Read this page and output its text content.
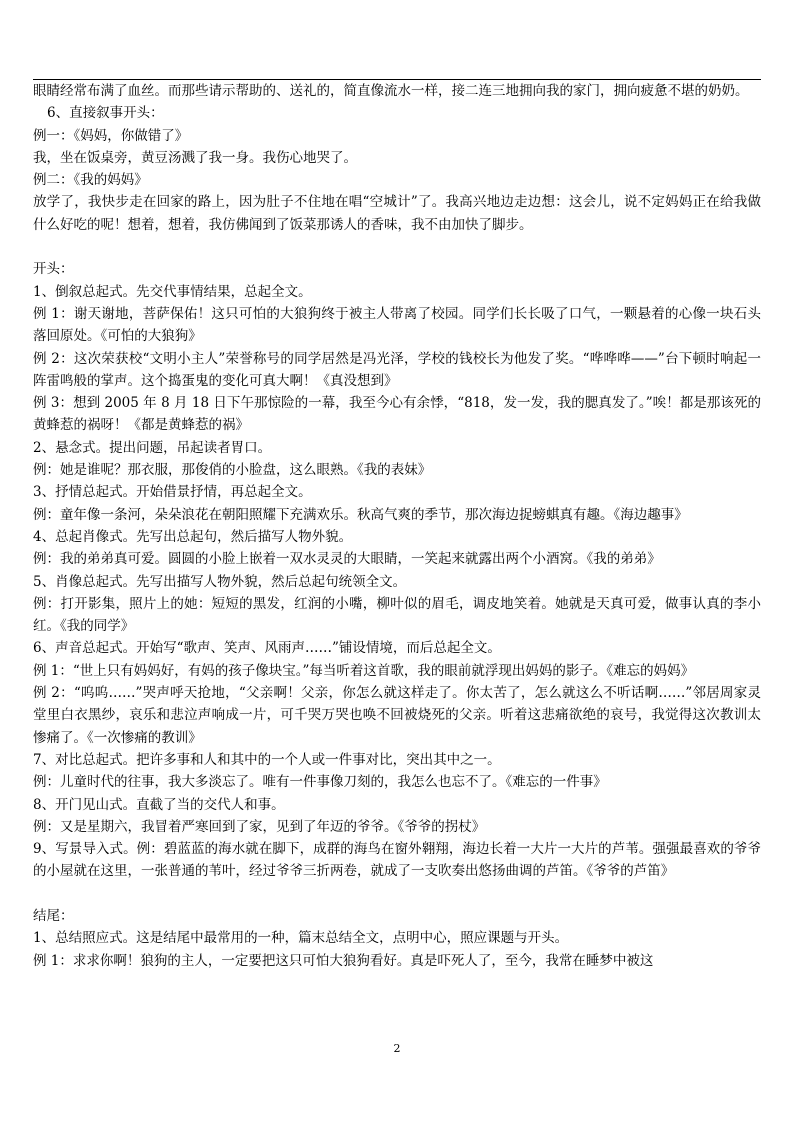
眼睛经常布满了血丝。而那些请示帮助的、送礼的，简直像流水一样，接二连三地拥向我的家门，拥向疲惫不堪的奶奶。

6、直接叙事开头：

例一：《妈妈，你做错了》

我，坐在饭桌旁，黄豆汤溅了我一身。我伤心地哭了。

例二：《我的妈妈》

放学了，我快步走在回家的路上，因为肚子不住地在唱“空城计”了。我高兴地边走边想：这会儿，说不定妈妈正在给我做什么好吃的呢！想着，想着，我仿佛闻到了饭菜那诱人的香味，我不由加快了脚步。

开头：

1、倒叙总起式。先交代事情结果，总起全文。

例 1：谢天谢地，菩萨保佑！这只可怕的大狼狗终于被主人带离了校园。同学们长长吸了口气，一颗悬着的心像一块石头落回原处。《可怕的大狼狗》

例 2：这次荣获校“文明小主人”荣誉称号的同学居然是冯光泽，学校的钱校长为他发了奖。“哗哗哗——”台下顿时响起一阵雷鸣般的掌声。这个捣蛋鬼的变化可真大啊！《真没想到》

例 3：想到 2005 年 8 月 18 日下午那惊险的一幕，我至今心有余悸，“818，发一发，我的腮真发了。”唉！都是那该死的黄蜂惹的祸呀！《都是黄蜂惹的祸》

2、悬念式。提出问题，吊起读者胃口。

例：她是谁呢？那衣服，那俊俏的小脸盘，这么眼熟。《我的表妹》

3、抒情总起式。开始借景抒情，再总起全文。

例：童年像一条河，朵朵浪花在朝阳照耀下充满欢乐。秋高气爽的季节，那次海边捉螃蜞真有趣。《海边趣事》

4、总起肖像式。先写出总起句，然后描写人物外貌。

例：我的弟弟真可爱。圆圆的小脸上嵌着一双水灵灵的大眼睛，一笑起来就露出两个小酒窝。《我的弟弟》

5、肖像总起式。先写出描写人物外貌，然后总起句统领全文。

例：打开影集，照片上的她：短短的黑发，红润的小嘴，柳叶似的眉毛，调皮地笑着。她就是天真可爱，做事认真的李小红。《我的同学》

6、声音总起式。开始写“歌声、笑声、风雨声……”铺设情境，而后总起全文。

例 1：“世上只有妈妈好，有妈的孩子像块宝。”每当听着这首歌，我的眼前就浮现出妈妈的影子。《难忘的妈妈》

例 2：“呜呜……”哭声呼天抢地，“父亲啊！父亲，你怎么就这样走了。你太苦了，怎么就这么不听话啊……”邻居周家灵堂里白衣黑纱，哀乐和悲泣声响成一片，可千哭万哭也唤不回被烧死的父亲。听着这悲痛欲绝的哀号，我觉得这次教训太惨痛了。《一次惨痛的教训》

7、对比总起式。把许多事和人和其中的一个人或一件事对比，突出其中之一。

例：儿童时代的往事，我大多淡忘了。唯有一件事像刀刻的，我怎么也忘不了。《难忘的一件事》

8、开门见山式。直截了当的交代人和事。

例：又是星期六，我冒着严寒回到了家，见到了年迈的爷爷。《爷爷的拐杖》

9、写景导入式。例：碧蓝蓝的海水就在脚下，成群的海鸟在窗外翱翔，海边长着一大片一大片的芦苇。强强最喜欢的爷爷的小屋就在这里，一张普通的苇叶，经过爷爷三折两卷，就成了一支吹奏出悠扬曲调的芦笛。《爷爷的芦笛》

结尾：

1、总结照应式。这是结尾中最常用的一种，篇末总结全文，点明中心，照应课题与开头。

例 1：求求你啊！狼狗的主人，一定要把这只可怕大狼狗看好。真是吓死人了，至今，我常在睡梦中被这

2
